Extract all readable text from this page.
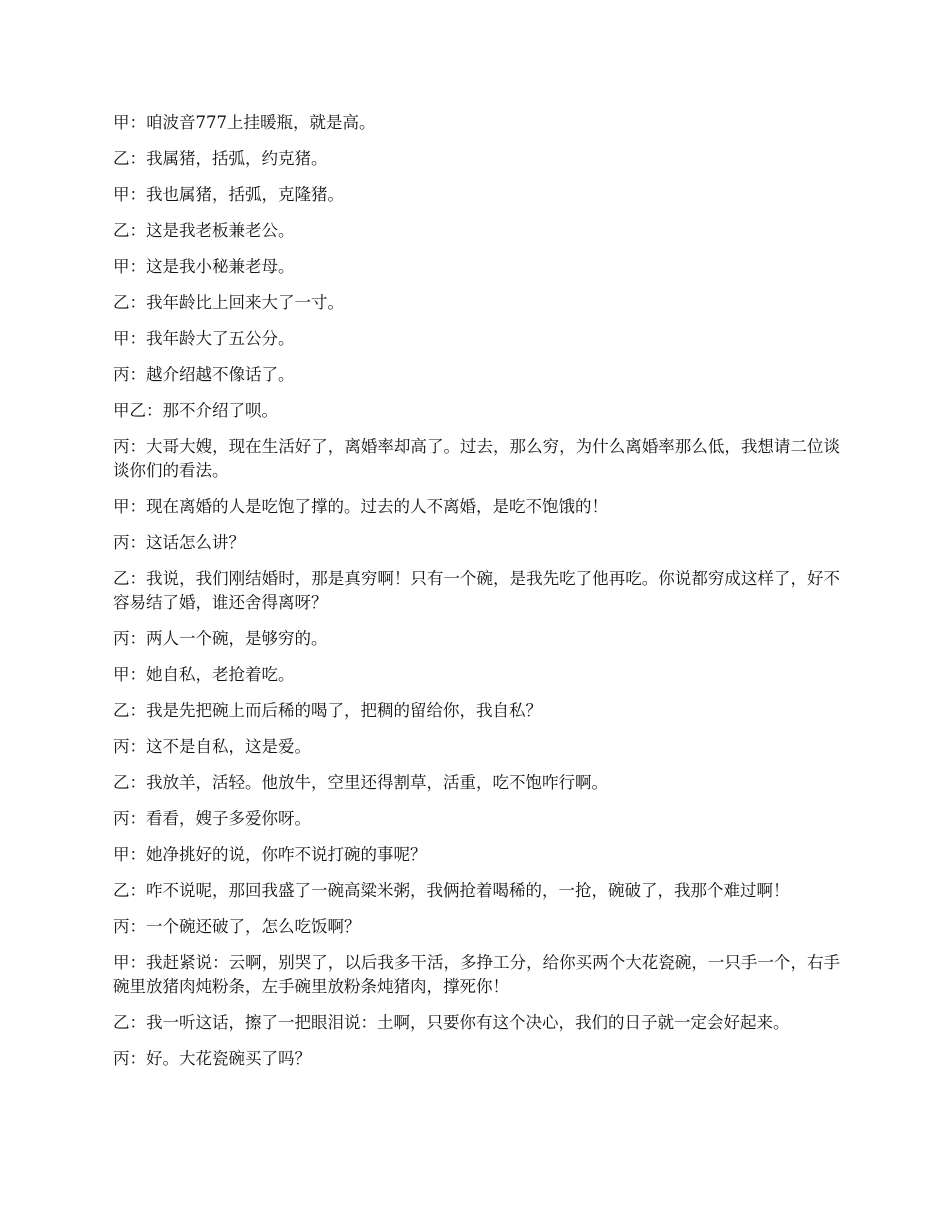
甲：咱波音777上挂暖瓶，就是高。

乙：我属猪，括弧，约克猪。

甲：我也属猪，括弧，克隆猪。

乙：这是我老板兼老公。

甲：这是我小秘兼老母。

乙：我年龄比上回来大了一寸。

甲：我年龄大了五公分。

丙：越介绍越不像话了。

甲乙：那不介绍了呗。

丙：大哥大嫂，现在生活好了，离婚率却高了。过去，那么穷，为什么离婚率那么低，我想请二位谈谈你们的看法。

甲：现在离婚的人是吃饱了撑的。过去的人不离婚，是吃不饱饿的！

丙：这话怎么讲？

乙：我说，我们刚结婚时，那是真穷啊！只有一个碗，是我先吃了他再吃。你说都穷成这样了，好不容易结了婚，谁还舍得离呀？

丙：两人一个碗，是够穷的。

甲：她自私，老抢着吃。

乙：我是先把碗上而后稀的喝了，把稠的留给你，我自私？

丙：这不是自私，这是爱。

乙：我放羊，活轻。他放牛，空里还得割草，活重，吃不饱咋行啊。

丙：看看，嫂子多爱你呀。

甲：她净挑好的说，你咋不说打碗的事呢？

乙：咋不说呢，那回我盛了一碗高粱米粥，我俩抢着喝稀的，一抢，碗破了，我那个难过啊！

丙：一个碗还破了，怎么吃饭啊？

甲：我赶紧说：云啊，别哭了，以后我多干活，多挣工分，给你买两个大花瓷碗，一只手一个，右手碗里放猪肉炖粉条，左手碗里放粉条炖猪肉，撑死你！

乙：我一听这话，擦了一把眼泪说：土啊，只要你有这个决心，我们的日子就一定会好起来。

丙：好。大花瓷碗买了吗？
